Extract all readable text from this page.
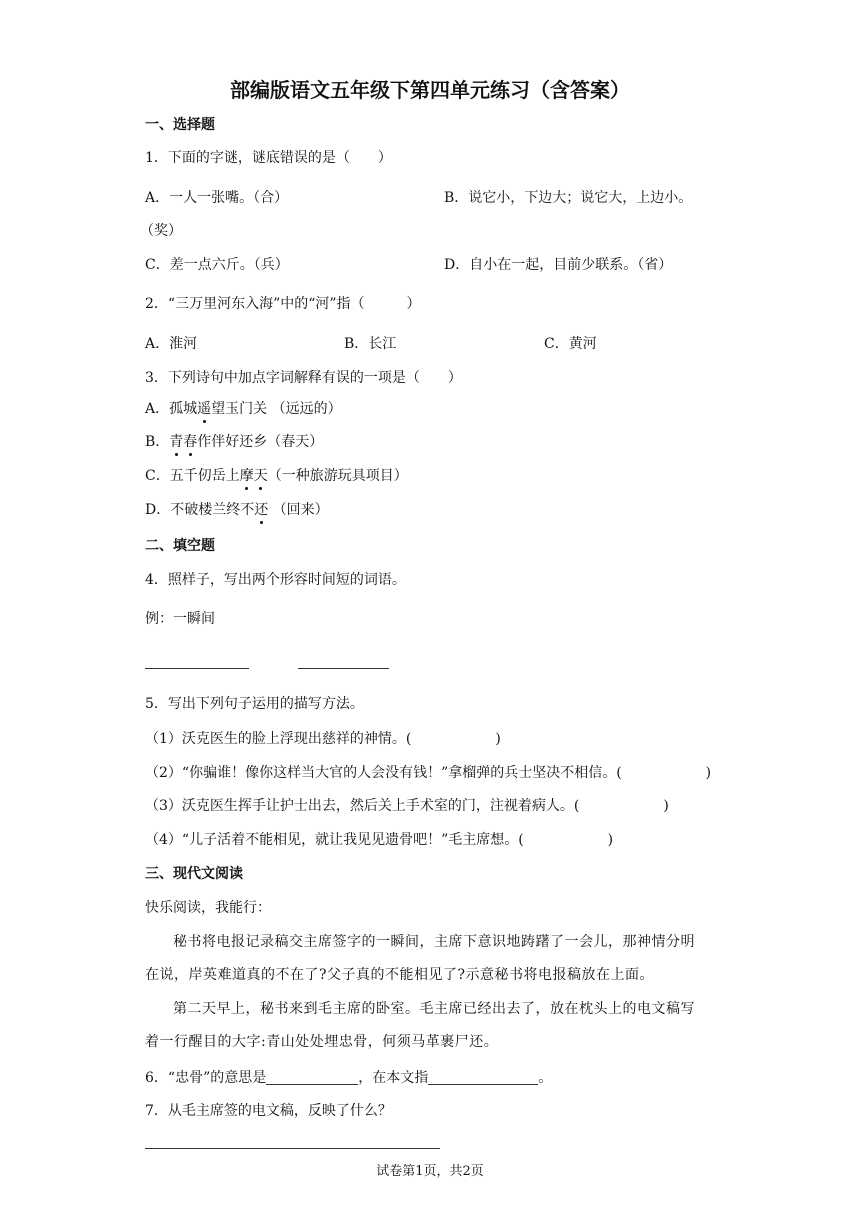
部编版语文五年级下第四单元练习（含答案）
一、选择题
1．下面的字谜，谜底错误的是（　　）
A．一人一张嘴。（合）	B．说它小，下边大；说它大，上边小。
（奖）
C．差一点六斤。（兵）	D．自小在一起，目前少联系。（省）
2．“三万里河东入海”中的“河”指（　　　）
A．淮河	B．长江	C．黄河
3．下列诗句中加点字词解释有误的一项是（　　）
A．孤城遥望玉门关 （远远的）
B．青春作伴好还乡（春天）
C．五千仞岳上摩天（一种旅游玩具项目）
D．不破楼兰终不还 （回来）
二、填空题
4．照样子，写出两个形容时间短的词语。
例：一瞬间
5．写出下列句子运用的描写方法。
（1）沃克医生的脸上浮现出慈祥的神情。(　　　　　　)
（2）“你骗谁！像你这样当大官的人会没有钱！”拿榴弹的兵士坚决不相信。(　　　　　　)
（3）沃克医生挥手让护士出去，然后关上手术室的门，注视着病人。(　　　　　　)
（4）“儿子活着不能相见，就让我见见遗骨吧！”毛主席想。(　　　　　　)
三、现代文阅读
快乐阅读，我能行：
秘书将电报记录稿交主席签字的一瞬间，主席下意识地踌躇了一会儿，那神情分明
在说，岸英难道真的不在了?父子真的不能相见了?示意秘书将电报稿放在上面。
第二天早上，秘书来到毛主席的卧室。毛主席已经出去了，放在枕头上的电文稿写
着一行醒目的大字:青山处处埋忠骨，何须马革裹尸还。
6．“忠骨”的意思是	，在本文指	。
7．从毛主席签的电文稿，反映了什么？
试卷第1页，共2页
